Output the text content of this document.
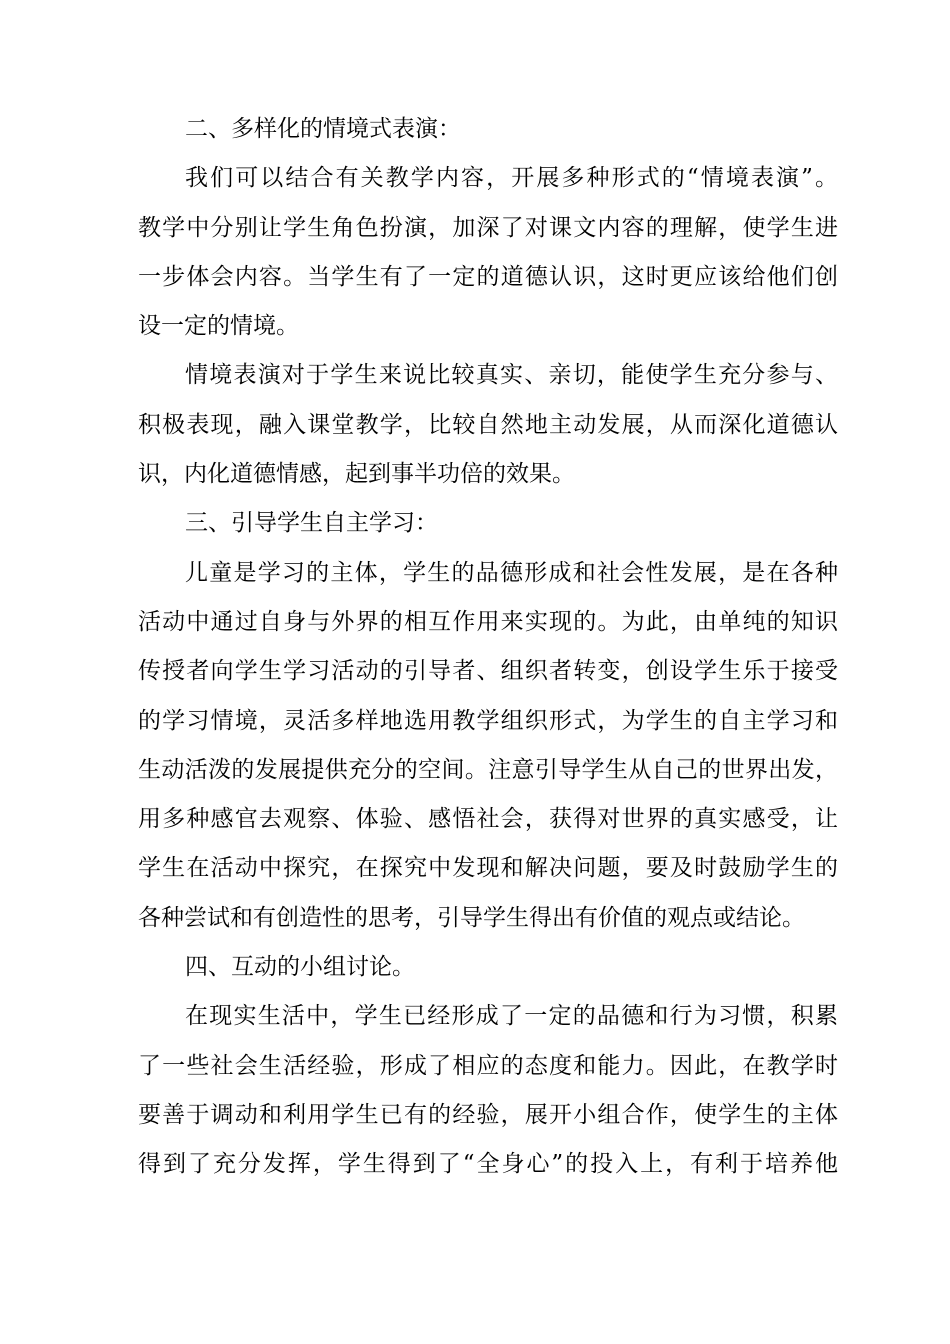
二、多样化的情境式表演：
我们可以结合有关教学内容，开展多种形式的“情境表演”。
教学中分别让学生角色扮演，加深了对课文内容的理解，使学生进
一步体会内容。当学生有了一定的道德认识，这时更应该给他们创
设一定的情境。
情境表演对于学生来说比较真实、亲切，能使学生充分参与、
积极表现，融入课堂教学，比较自然地主动发展，从而深化道德认
识，内化道德情感，起到事半功倍的效果。
三、引导学生自主学习：
儿童是学习的主体，学生的品德形成和社会性发展，是在各种
活动中通过自身与外界的相互作用来实现的。为此，由单纯的知识
传授者向学生学习活动的引导者、组织者转变，创设学生乐于接受
的学习情境，灵活多样地选用教学组织形式，为学生的自主学习和
生动活泼的发展提供充分的空间。注意引导学生从自己的世界出发，
用多种感官去观察、体验、感悟社会，获得对世界的真实感受，让
学生在活动中探究，在探究中发现和解决问题，要及时鼓励学生的
各种尝试和有创造性的思考，引导学生得出有价值的观点或结论。
四、互动的小组讨论。
在现实生活中，学生已经形成了一定的品德和行为习惯，积累
了一些社会生活经验，形成了相应的态度和能力。因此，在教学时
要善于调动和利用学生已有的经验，展开小组合作，使学生的主体
得到了充分发挥，学生得到了“全身心”的投入上，有利于培养他
